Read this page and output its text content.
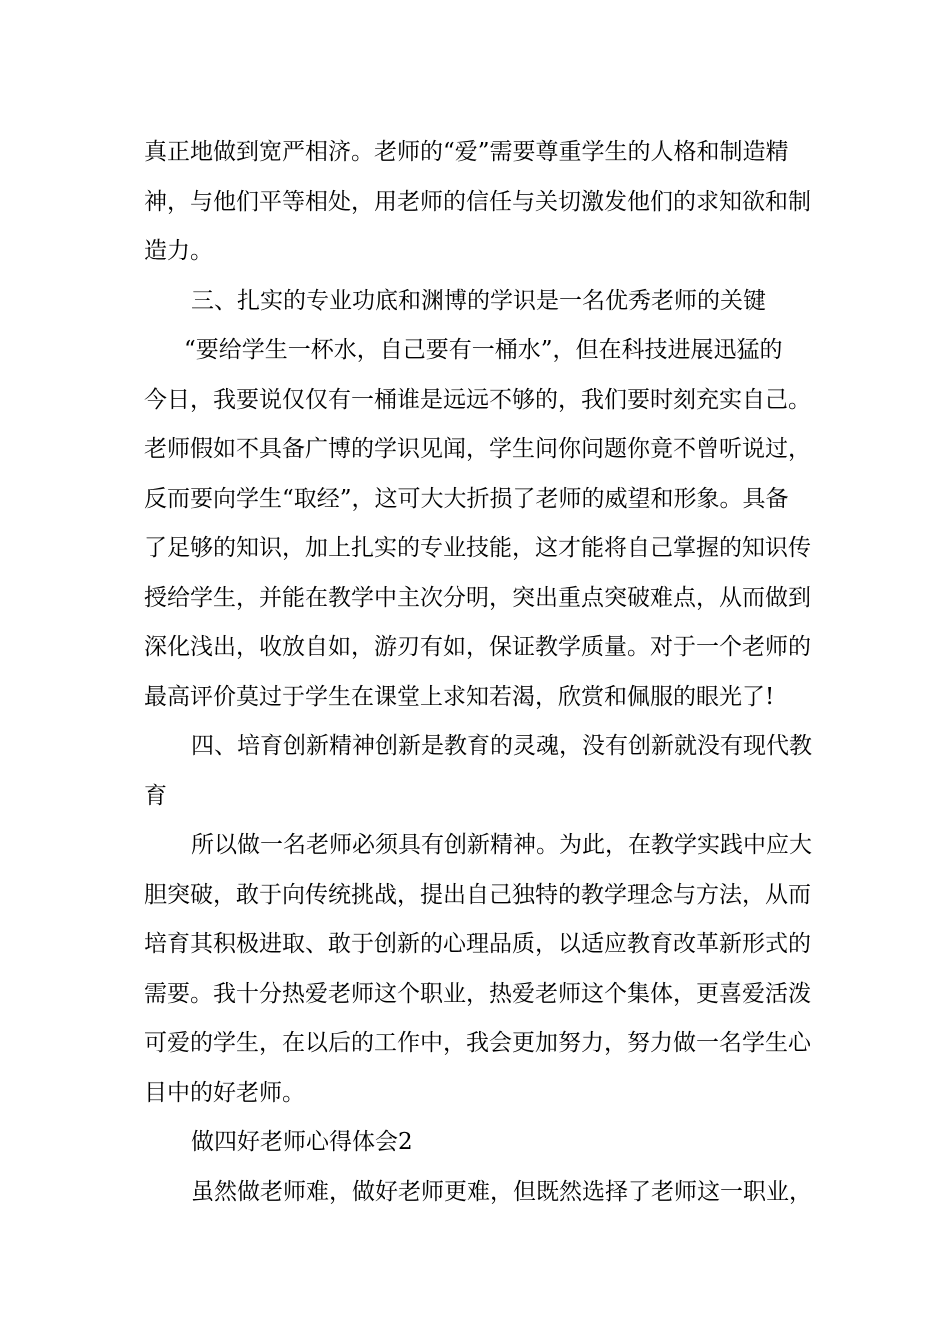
真正地做到宽严相济。老师的“爱”需要尊重学生的人格和制造精
神，与他们平等相处，用老师的信任与关切激发他们的求知欲和制
造力。
三、扎实的专业功底和渊博的学识是一名优秀老师的关键
“要给学生一杯水，自己要有一桶水”，但在科技进展迅猛的
今日，我要说仅仅有一桶谁是远远不够的，我们要时刻充实自己。
老师假如不具备广博的学识见闻，学生问你问题你竟不曾听说过，
反而要向学生“取经”，这可大大折损了老师的威望和形象。具备
了足够的知识，加上扎实的专业技能，这才能将自己掌握的知识传
授给学生，并能在教学中主次分明，突出重点突破难点，从而做到
深化浅出，收放自如，游刃有如，保证教学质量。对于一个老师的
最高评价莫过于学生在课堂上求知若渴，欣赏和佩服的眼光了!
四、培育创新精神创新是教育的灵魂，没有创新就没有现代教
育
所以做一名老师必须具有创新精神。为此，在教学实践中应大
胆突破，敢于向传统挑战，提出自己独特的教学理念与方法，从而
培育其积极进取、敢于创新的心理品质，以适应教育改革新形式的
需要。我十分热爱老师这个职业，热爱老师这个集体，更喜爱活泼
可爱的学生，在以后的工作中，我会更加努力，努力做一名学生心
目中的好老师。
做四好老师心得体会2
虽然做老师难，做好老师更难，但既然选择了老师这一职业，
